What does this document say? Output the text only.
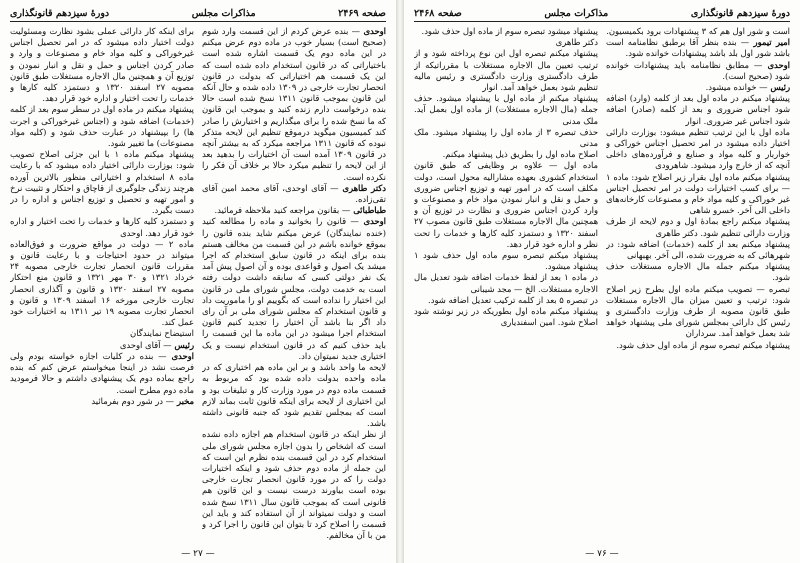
صفحه ۲۴۶۹
مذاکرات مجلس
دورهٔ سیزدهم قانونگذاری

اوحدی — بنده عرض کردم از این قسمت وارد شوم (صحیح است) بسیار خوب در ماده دوم عرض میکنم در این ماده دوم یک قسمت اشاره شده است باختیاراتی که در قانون استخدام داده شده است که این یک قسمت هم اختیاراتی که بدولت در قانون انحصار تجارت خارجی در ۱۳۰۹ داده شده و حال آنکه این قانون بموجب قانون ۱۳۱۱ نسخ شده است حالا بنده درخواست دارم زنده کنید و بموجب این قانون که ما نسخ شده را برای میگذاریم و اختیارش را صادر کند کمیسیون میگوید درموقع تنظیم این لایحه متذکر نبوده که قانون ۱۳۱۱ مراجعه میکرد که به بیشتر آنچه در قانون ۱۳۰۹ آمده است آن اختیارات را بدهید بعد از این لایحه را تنظیم میکرد حالا بر خلاف آن فکر را نکرده است.

دکتر طاهری — آقای اوحدی، آقای محمد امین آقای تقی‌زاده.

طباطبائی — بقانون مراجعه کنید ملاحظه فرمائید.

اوحدی — قانون را بخوانید و ماده را مطالعه کنید (خنده نمایندگان) عرض میکنم شاید بنده قانون را بموقع خوانده باشم در این قسمت من مخالف هستم بنده برای اینکه در قانون سابق استخدام که اجرا میشد یک اصول و قواعدی بوده و آن اصول پیش آمد یک نفر دولتی کسی که سابقه داشت دولت رفته است به خدمت دولت، مجلس شورای ملی در قانون این اختیار را نداده است که بگوییم او را ماموریت داد و قانون استخدام که مجلس شورای ملی بر آن رای داد اگر بنا باشد آن اختیار را تجدید کنیم قانون استخدام اجرا میشود در این ماده ما این قسمت را باید حذف کنیم که در قانون استخدام نیست و یک اختیاری جدید نمیتوان داد.

لایحه ما واحد باشد و بر این ماده هم اختیاری که در ماده واحده بدولت داده شده بود که مربوط به قسمت ماده دوم در مورد وزارت کار و تبلیغات بود و این اختیاری از لایحه برای اینکه قانون ثابت بماند لازم است که بمجلس تقدیم شود که جنبه قانونی داشته باشد.

از نظر اینکه در قانون استخدام هم اجازه داده نشده است که اشخاص را بدون اجازه مجلس شورای ملی استخدام کرد در این قسمت بنده نظرم این است که این جمله از ماده دوم حذف شود و اینکه اختیارات دولت را که در مورد قانون انحصار تجارت خارجی بوده است بیاورند درست نیست و این قانون هم قانونی است که بموجب قانون سال ۱۳۱۱ نسخ شده است و دولت نمیتواند از آن استفاده کند و باید این قسمت را اصلاح کرد تا بتوان این قانون را اجرا کرد و من با آن مخالفم.

برای اینکه کار دارائی عملی بشود نظارت ومسئولیت دولت اختیار داده میشود که در امر تحصیل اجناس غیرخوراکی و کلیه مواد خام و مصنوعات و وارد و صادر کردن اجناس و حمل و نقل و انبار نمودن و توزیع آن و همچنین مال الاجاره مستغلات طبق قانون مصوبه ۲۷ اسفند ۱۳۲۰ و دستمزد کلیه کارها و خدمات را تحت اختیار و اداره خود قرار دهد.

پیشنهاد میکنم در ماده اول در سطر سوم بعد از کلمه (خدمات) اضافه شود و (اجناس غیرخوراکی و اجرت ها) را بپیشنهاد در عبارت حذف شود و (کلیه مواد مصنوعات) ما تغییر شود.

پیشنهاد میکنم ماده ۱ با این جزئی اصلاح تصویب شود: بوزارت دارائی اختیار داده میشود که با رعایت ماده ۸ استخدام و اختیاراتی منظور بالاترین آورده هرچند زندگی جلوگیری از قاچاق و احتکار و تثبیت نرخ و امور تهیه و تحصیل و توزیع اجناس و اداره را در دست بگیرد.

و دستمزد کلیه کارها و خدمات را تحت اختیار و اداره خود قرار دهد. اوحدی

ماده ۲ — دولت در مواقع ضرورت و فوق‌العاده میتواند در حدود احتیاجات و با رعایت قانون و مقررات قانون انحصار تجارت خارجی مصوبه ۲۴ خرداد ۱۳۲۱ و ۳۰ مهر ۱۳۲۱ و قانون منع احتکار مصوبه ۲۷ اسفند ۱۳۲۰ و قانون و آگذاری انحصار تجارت خارجی مورخه ۱۶ اسفند ۱۳۰۹ و قانون و انحصار تجارت مصوبه ۱۹ تیر ۱۳۱۱ به اختیارات خود عمل کند.

استیضاح نمایندگان

رئیس — آقای اوحدی

اوحدی — بنده در کلیات اجازه خواسته بودم ولی فرصت نشد در اینجا میخواستم عرض کنم که بنده راجع بماده دوم یک پیشنهادی داشتم و حالا فرمودید ماده دوم مطرح است.

مخبر — در شور دوم بفرمائید

— ۲۷ —
دورهٔ سیزدهم قانونگذاری
مذاکرات مجلس
صفحه ۲۴۶۸

است و شور اول هم که ۳ پیشنهادات برود بکمیسیون.

امیر تیمور — بنده بنظر آقا برطبق نظامنامه است باشد شور اول بلد باشد پیشنهادات خوانده شود.

اوحدی — مطابق نظامنامه باید پیشنهادات خوانده شود (صحیح است).

رئیس — خوانده میشود.

پیشنهاد میکنم در ماده اول بعد از کلمه (وارد) اضافه شود اجناس ضروری و بعد از کلمه (صادر) اضافه شود اجناس غیر ضروری. انوار

ماده اول با این ترتیب تنظیم میشود: بوزارت دارائی اختیار داده میشود در امر تحصیل اجناس خوراکی و خواربار و کلیه مواد و صنایع و فرآورده‌های داخلی آنچه که از خارج وارد میشود. شاهرودی

پیشنهاد میکنم ماده اول بقرار زیر اصلاح شود: ماده ۱ — برای کسب اختیارات دولت در امر تحصیل اجناس غیر خوراکی و کلیه مواد خام و مصنوعات کارخانه‌های داخلی الی آخر. خسرو شاهی

پیشنهاد میکنم راجع بمادهٔ اول و دوم لایحه از طرف وزارت دارائی تنظیم شود. دکتر طاهری

پیشنهاد میکنم بعد از کلمه (خدمات) اضافه شود: در شهرهائی که به ضرورت شده، الی آخر. بهبهانی

پیشنهاد میکنم جمله مال الاجاره مستغلات حذف شود.

تبصره — تصویب میکنم ماده اول بطرح زیر اصلاح شود: ترتیب و تعیین میزان مال الاجاره مستغلات طبق قانون مصوبه از طرف وزارت دادگستری و رئیس کل دارائی بمجلس شورای ملی پیشنهاد خواهد شد بعمل خواهد آمد. سرداران

پیشنهاد میکنم تبصره سوم از ماده اول حذف شود.

پیشنهاد میشود تبصره سوم از ماده اول حذف شود.

دکتر طاهری

پیشنهاد میکنم تبصره اول این نوع پرداخته شود و از ترتیب تعیین مال الاجاره مستغلات با مقرراتیکه از طرف دادگستری وزارت دادگستری و رئیس مالیه تنظیم شود بعمل خواهد آمد. انوار

پیشنهاد میکنم از ماده اول با پیشنهاد میشود. حذف جمله (مال الاجاره مستغلات) از ماده اول بعمل آید. ملک مدنی

حذف تبصره ۳ از ماده اول را پیشنهاد میشود. ملک مدنی

اصلاح ماده اول را بطریق ذیل پیشنهاد میکنم.

ماده اول — علاوه بر وظایفی که طبق قانون استخدام کشوری بعهده مشارالیه محول است، دولت مکلف است که در امور تهیه و توزیع اجناس ضروری و حمل و نقل و انبار نمودن مواد خام و مصنوعات و وارد کردن اجناس ضروری و نظارت در توزیع آن و همچنین مال الاجاره مستغلات طبق قانون مصوب ۲۷ اسفند ۱۳۲۰ و دستمزد کلیه کارها و خدمات را تحت نظر و اداره خود قرار دهد.

پیشنهاد میکنم تبصره سوم ماده اول حذف شود ۱ پیشنهاد میشود.

در ماده ۱ بعد از لفظ خدمات اضافه شود تعدیل مال الاجاره مستغلات. الخ — مجد شیبانی

در تبصره ۵ بعد از کلمه ترکیب تعدیل اضافه شود.

پیشنهاد میکنم ماده اول بطوریکه در زیر نوشته شود اصلاح شود. امین اسفندیاری

— ۷۶ —
